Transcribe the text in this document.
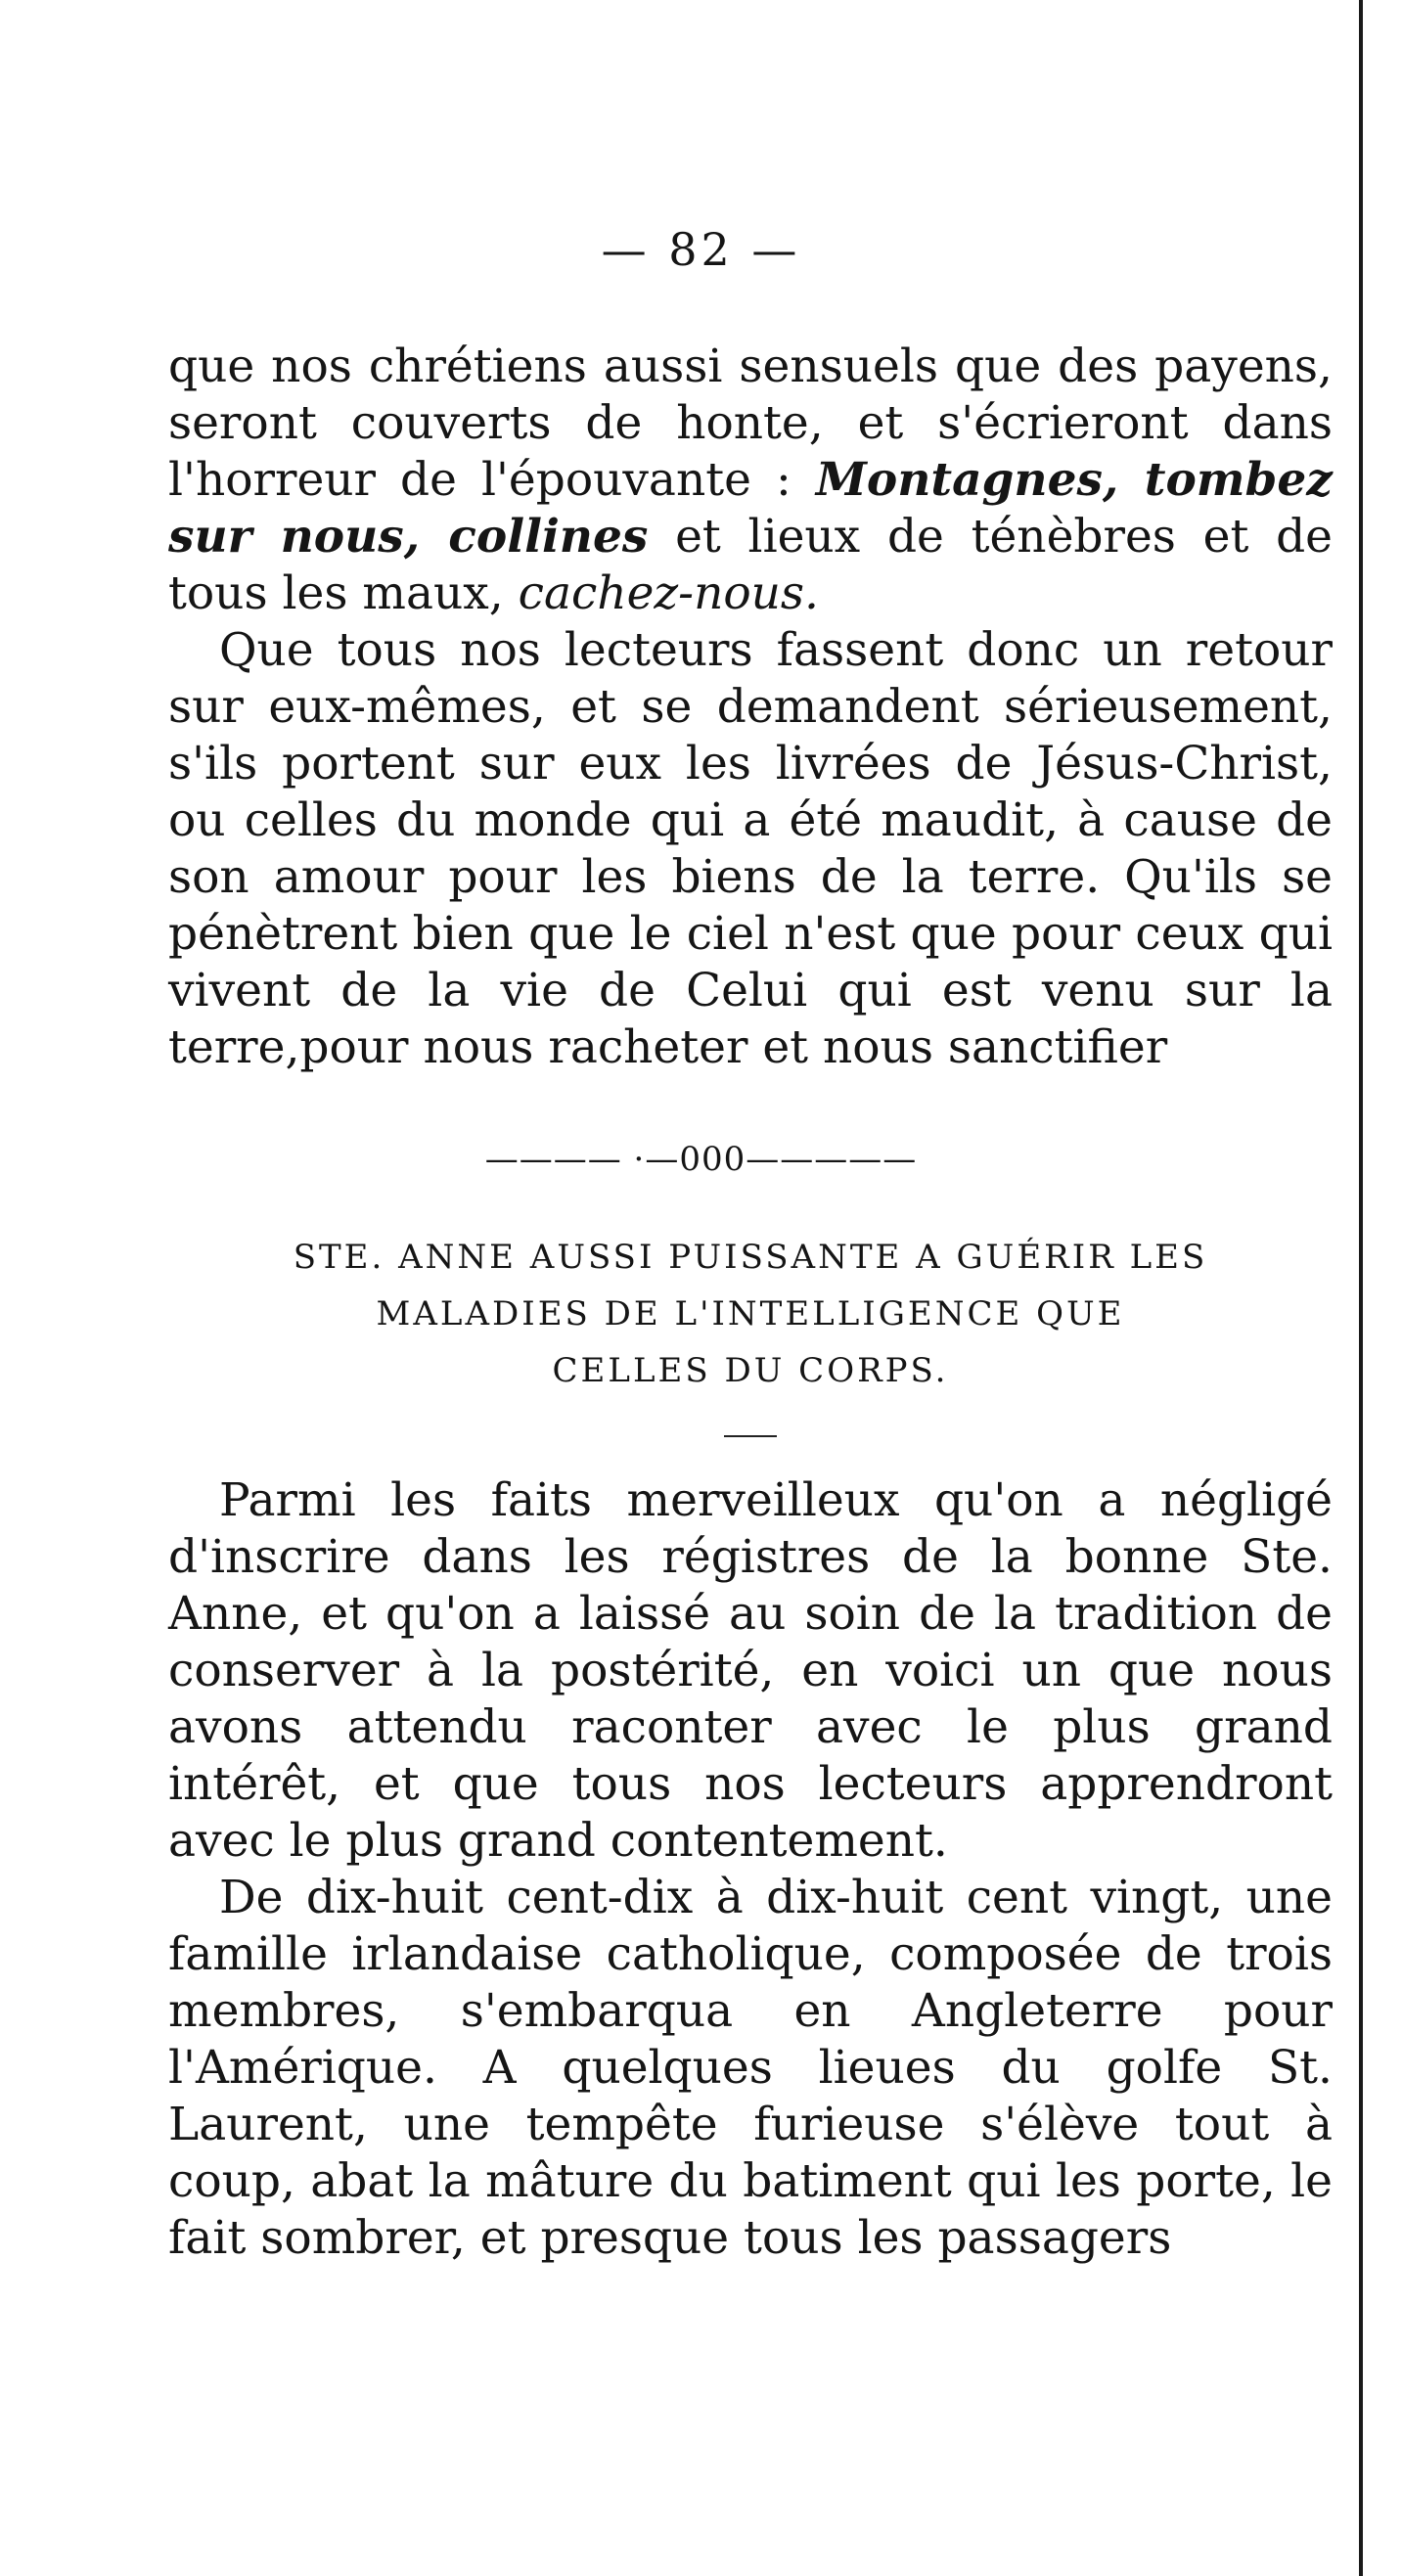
— 82 —

que nos chrétiens aussi sensuels que des payens, seront couverts de honte, et s'écrieront dans l'horreur de l'épouvante : Montagnes, tombez sur nous, collines et lieux de ténèbres et de tous les maux, cachez-nous.

Que tous nos lecteurs fassent donc un retour sur eux-mêmes, et se demandent sérieusement, s'ils portent sur eux les livrées de Jésus-Christ, ou celles du monde qui a été maudit, à cause de son amour pour les biens de la terre. Qu'ils se pénètrent bien que le ciel n'est que pour ceux qui vivent de la vie de Celui qui est venu sur la terre,pour nous racheter et nous sanctifier

———— ·—000—————
STE. ANNE AUSSI PUISSANTE A GUÉRIR LES
MALADIES DE L'INTELLIGENCE QUE
CELLES DU CORPS.

Parmi les faits merveilleux qu'on a négligé d'inscrire dans les régistres de la bonne Ste. Anne, et qu'on a laissé au soin de la tradition de conserver à la postérité, en voici un que nous avons attendu raconter avec le plus grand intérêt, et que tous nos lecteurs apprendront avec le plus grand contentement.

De dix-huit cent-dix à dix-huit cent vingt, une famille irlandaise catholique, composée de trois membres, s'embarqua en Angleterre pour l'Amérique. A quelques lieues du golfe St. Laurent, une tempête furieuse s'élève tout à coup, abat la mâture du batiment qui les porte, le fait sombrer, et presque tous les passagers
